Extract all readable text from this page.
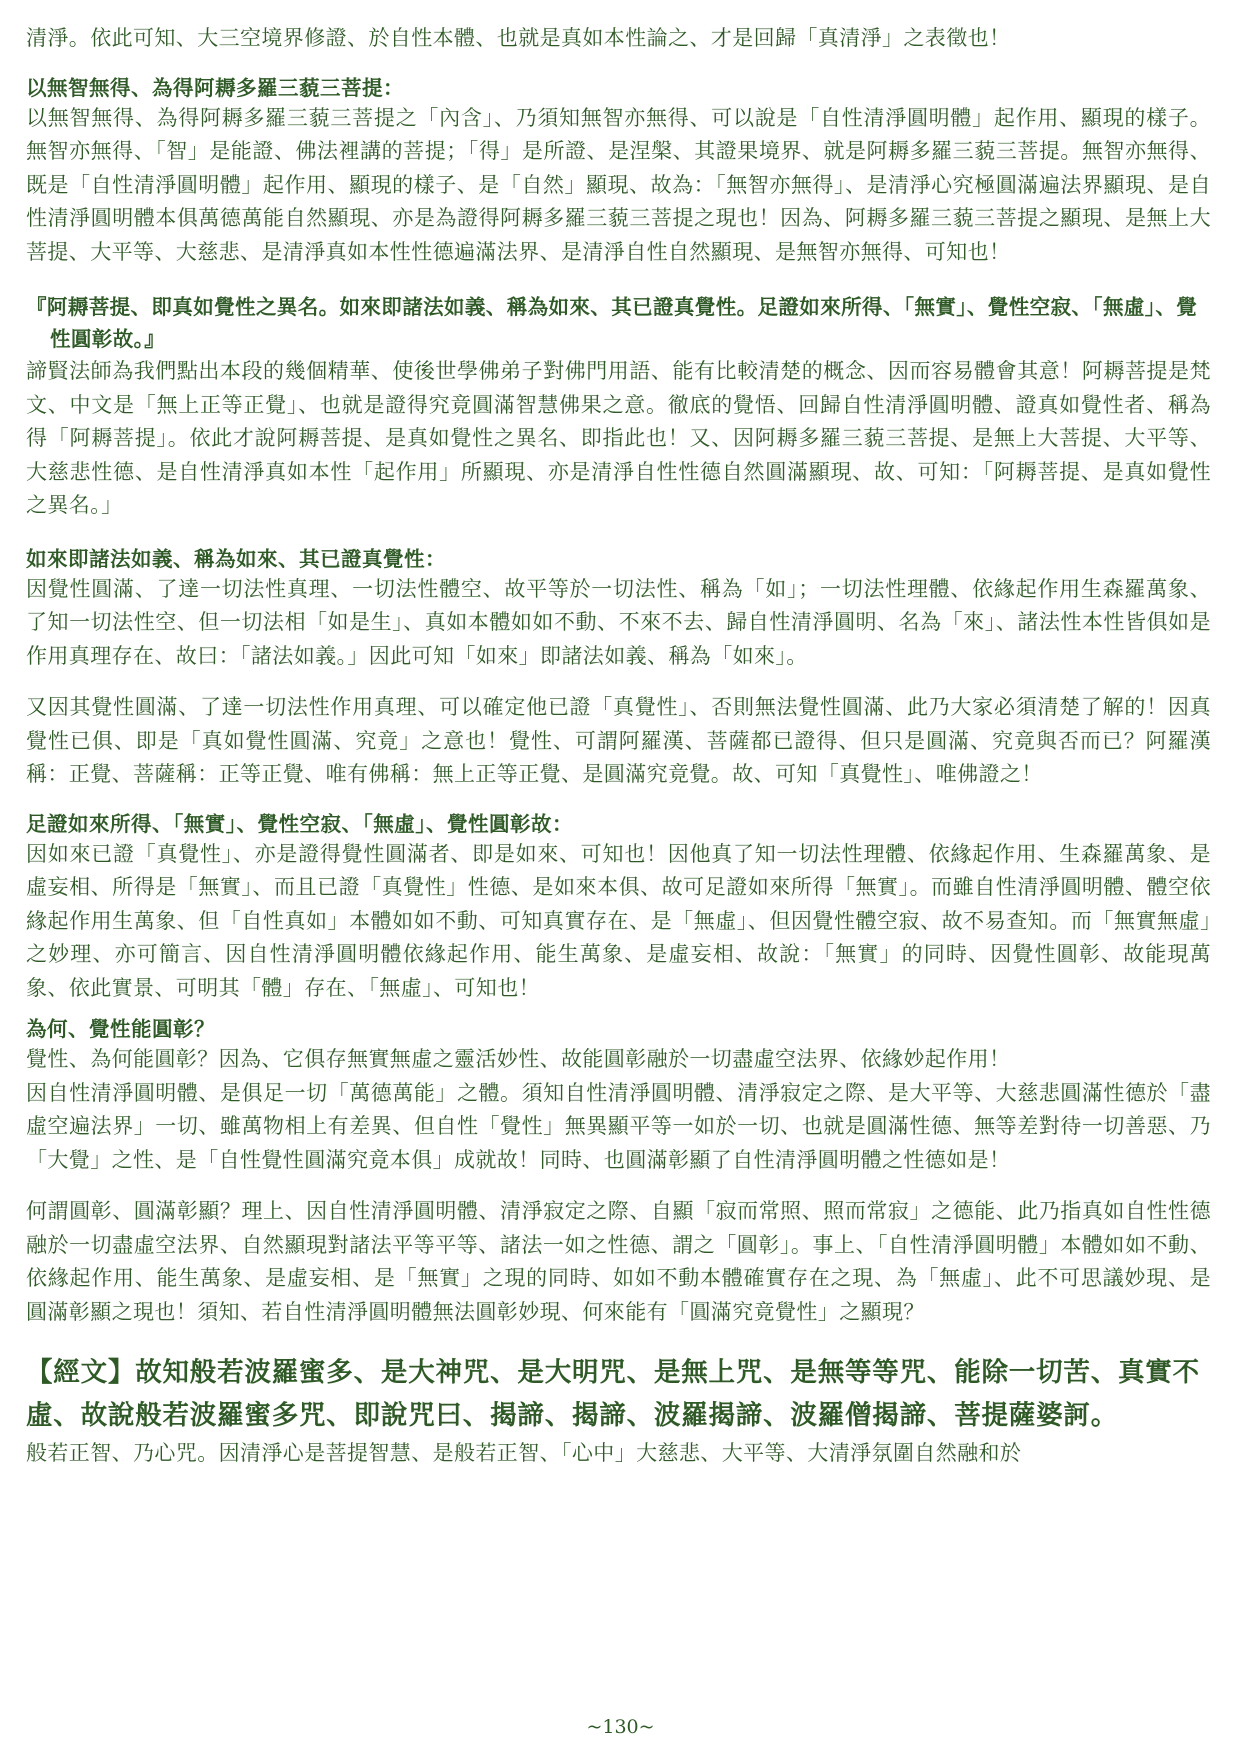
清淨。依此可知、大三空境界修證、於自性本體、也就是真如本性論之、才是回歸「真清淨」之表徵也！

以無智無得、為得阿耨多羅三藐三菩提：

以無智無得、為得阿耨多羅三藐三菩提之「內含」、乃須知無智亦無得、可以說是「自性清淨圓明體」起作用、顯現的樣子。無智亦無得、「智」是能證、佛法裡講的菩提；「得」是所證、是涅槃、其證果境界、就是阿耨多羅三藐三菩提。無智亦無得、既是「自性清淨圓明體」起作用、顯現的樣子、是「自然」顯現、故為：「無智亦無得」、是清淨心究極圓滿遍法界顯現、是自性清淨圓明體本俱萬德萬能自然顯現、亦是為證得阿耨多羅三藐三菩提之現也！因為、阿耨多羅三藐三菩提之顯現、是無上大菩提、大平等、大慈悲、是清淨真如本性性德遍滿法界、是清淨自性自然顯現、是無智亦無得、可知也！

『阿耨菩提、即真如覺性之異名。如來即諸法如義、稱為如來、其已證真覺性。足證如來所得、「無實」、覺性空寂、「無虛」、覺性圓彰故。』

諦賢法師為我們點出本段的幾個精華、使後世學佛弟子對佛門用語、能有比較清楚的概念、因而容易體會其意！阿耨菩提是梵文、中文是「無上正等正覺」、也就是證得究竟圓滿智慧佛果之意。徹底的覺悟、回歸自性清淨圓明體、證真如覺性者、稱為得「阿耨菩提」。依此才說阿耨菩提、是真如覺性之異名、即指此也！又、因阿耨多羅三藐三菩提、是無上大菩提、大平等、大慈悲性德、是自性清淨真如本性「起作用」所顯現、亦是清淨自性性德自然圓滿顯現、故、可知：「阿耨菩提、是真如覺性之異名。」

如來即諸法如義、稱為如來、其已證真覺性：

因覺性圓滿、了達一切法性真理、一切法性體空、故平等於一切法性、稱為「如」；一切法性理體、依緣起作用生森羅萬象、了知一切法性空、但一切法相「如是生」、真如本體如如不動、不來不去、歸自性清淨圓明、名為「來」、諸法性本性皆俱如是作用真理存在、故曰：「諸法如義。」因此可知「如來」即諸法如義、稱為「如來」。

又因其覺性圓滿、了達一切法性作用真理、可以確定他已證「真覺性」、否則無法覺性圓滿、此乃大家必須清楚了解的！因真覺性已俱、即是「真如覺性圓滿、究竟」之意也！覺性、可謂阿羅漢、菩薩都已證得、但只是圓滿、究竟與否而已？阿羅漢稱：正覺、菩薩稱：正等正覺、唯有佛稱：無上正等正覺、是圓滿究竟覺。故、可知「真覺性」、唯佛證之！

足證如來所得、「無實」、覺性空寂、「無虛」、覺性圓彰故：

因如來已證「真覺性」、亦是證得覺性圓滿者、即是如來、可知也！因他真了知一切法性理體、依緣起作用、生森羅萬象、是虛妄相、所得是「無實」、而且已證「真覺性」性德、是如來本俱、故可足證如來所得「無實」。而雖自性清淨圓明體、體空依緣起作用生萬象、但「自性真如」本體如如不動、可知真實存在、是「無虛」、但因覺性體空寂、故不易查知。而「無實無虛」之妙理、亦可簡言、因自性清淨圓明體依緣起作用、能生萬象、是虛妄相、故說：「無實」的同時、因覺性圓彰、故能現萬象、依此實景、可明其「體」存在、「無虛」、可知也！

為何、覺性能圓彰？

覺性、為何能圓彰？因為、它俱存無實無虛之靈活妙性、故能圓彰融於一切盡虛空法界、依緣妙起作用！

因自性清淨圓明體、是俱足一切「萬德萬能」之體。須知自性清淨圓明體、清淨寂定之際、是大平等、大慈悲圓滿性德於「盡虛空遍法界」一切、雖萬物相上有差異、但自性「覺性」無異顯平等一如於一切、也就是圓滿性德、無等差對待一切善惡、乃「大覺」之性、是「自性覺性圓滿究竟本俱」成就故！同時、也圓滿彰顯了自性清淨圓明體之性德如是！

何謂圓彰、圓滿彰顯？理上、因自性清淨圓明體、清淨寂定之際、自顯「寂而常照、照而常寂」之德能、此乃指真如自性性德融於一切盡虛空法界、自然顯現對諸法平等平等、諸法一如之性德、謂之「圓彰」。事上、「自性清淨圓明體」本體如如不動、依緣起作用、能生萬象、是虛妄相、是「無實」之現的同時、如如不動本體確實存在之現、為「無虛」、此不可思議妙現、是圓滿彰顯之現也！須知、若自性清淨圓明體無法圓彰妙現、何來能有「圓滿究竟覺性」之顯現？

【經文】故知般若波羅蜜多、是大神咒、是大明咒、是無上咒、是無等等咒、能除一切苦、真實不虛、故說般若波羅蜜多咒、即說咒曰、揭諦、揭諦、波羅揭諦、波羅僧揭諦、菩提薩婆訶。

般若正智、乃心咒。因清淨心是菩提智慧、是般若正智、「心中」大慈悲、大平等、大清淨氛圍自然融和於

~130~
